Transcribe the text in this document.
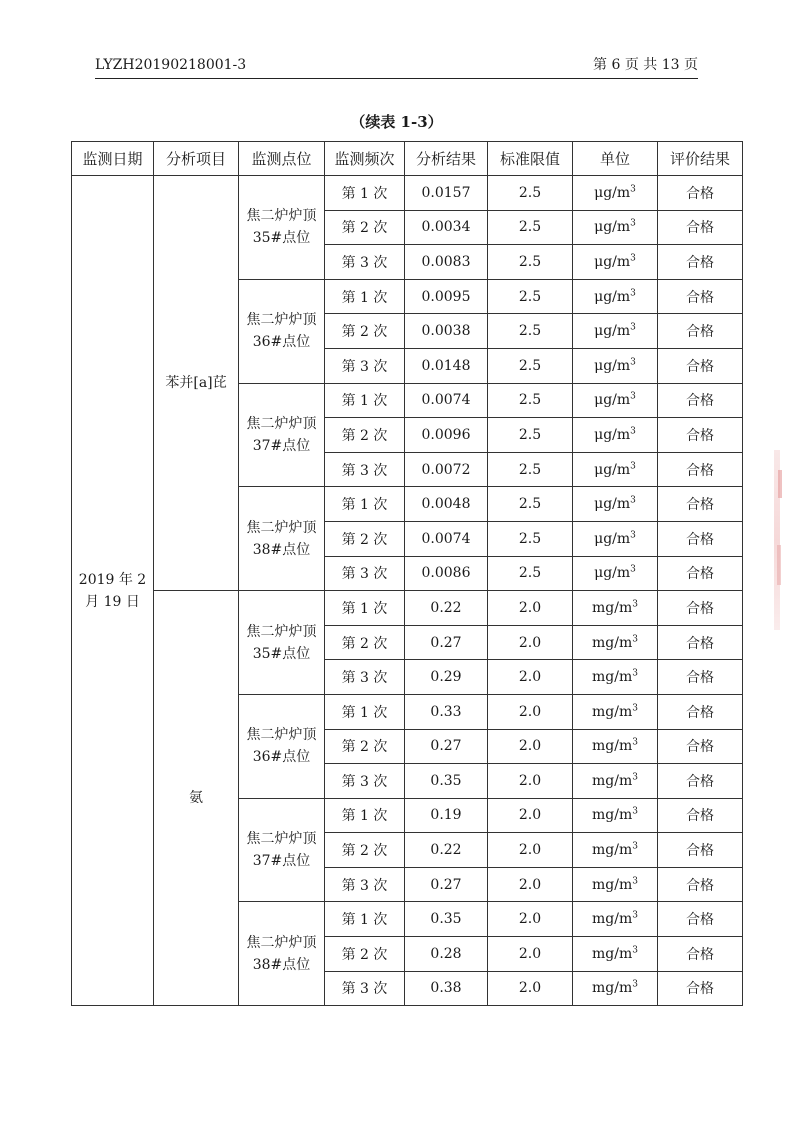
LYZH20190218001-3	第 6 页 共 13 页
（续表 1-3）
监测日期	分析项目	监测点位	监测频次	分析结果	标准限值	单位	评价结果
2019 年 2 月 19 日	苯并[a]芘	焦二炉炉顶 35#点位	第 1 次	0.0157	2.5	$\mu g/m^3$	合格
			第 2 次	0.0034	2.5	$\mu g/m^3$	合格
			第 3 次	0.0083	2.5	$\mu g/m^3$	合格
		焦二炉炉顶 36#点位	第 1 次	0.0095	2.5	$\mu g/m^3$	合格
			第 2 次	0.0038	2.5	$\mu g/m^3$	合格
			第 3 次	0.0148	2.5	$\mu g/m^3$	合格
		焦二炉炉顶 37#点位	第 1 次	0.0074	2.5	$\mu g/m^3$	合格
			第 2 次	0.0096	2.5	$\mu g/m^3$	合格
			第 3 次	0.0072	2.5	$\mu g/m^3$	合格
		焦二炉炉顶 38#点位	第 1 次	0.0048	2.5	$\mu g/m^3$	合格
			第 2 次	0.0074	2.5	$\mu g/m^3$	合格
			第 3 次	0.0086	2.5	$\mu g/m^3$	合格
	氨	焦二炉炉顶 35#点位	第 1 次	0.22	2.0	$mg/m^3$	合格
			第 2 次	0.27	2.0	$mg/m^3$	合格
			第 3 次	0.29	2.0	$mg/m^3$	合格
		焦二炉炉顶 36#点位	第 1 次	0.33	2.0	$mg/m^3$	合格
			第 2 次	0.27	2.0	$mg/m^3$	合格
			第 3 次	0.35	2.0	$mg/m^3$	合格
		焦二炉炉顶 37#点位	第 1 次	0.19	2.0	$mg/m^3$	合格
			第 2 次	0.22	2.0	$mg/m^3$	合格
			第 3 次	0.27	2.0	$mg/m^3$	合格
		焦二炉炉顶 38#点位	第 1 次	0.35	2.0	$mg/m^3$	合格
			第 2 次	0.28	2.0	$mg/m^3$	合格
			第 3 次	0.38	2.0	$mg/m^3$	合格
